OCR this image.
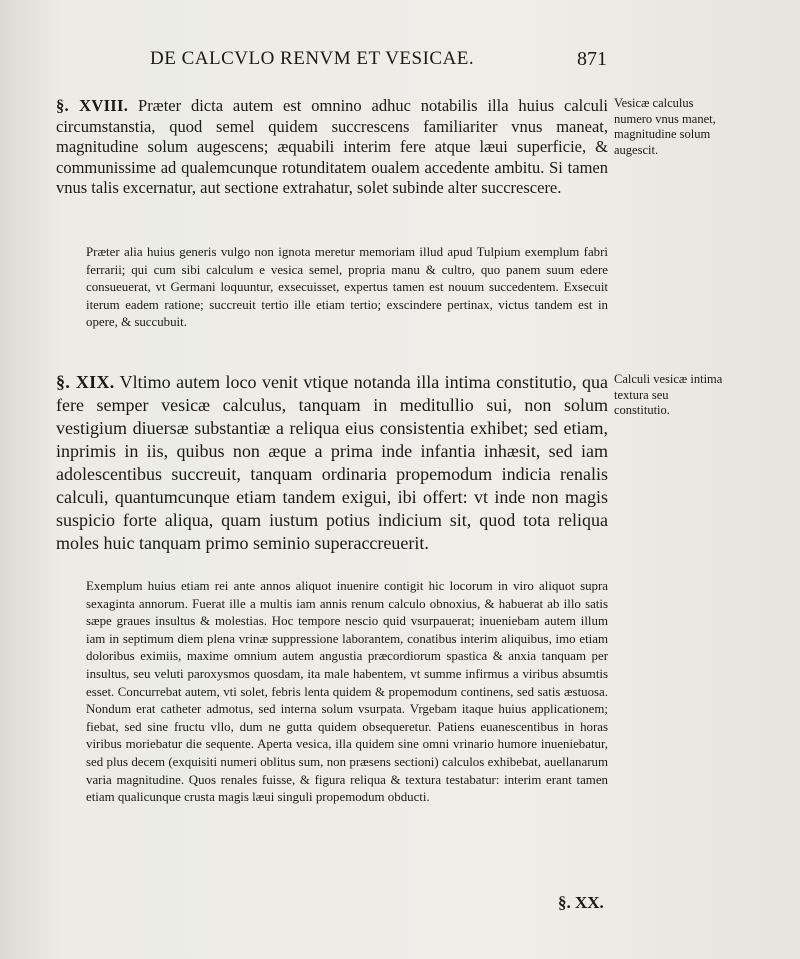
DE CALCVLO RENVM ET VESICAE.	871

§. XVIII. Præter dicta autem est omnino adhuc notabilis illa huius calculi circumstanstia, quod semel quidem succrescens familiariter vnus maneat, magnitudine solum augescens; æquabili interim fere atque læui superficie, & communissime ad qualemcunque rotunditatem oualem accedente ambitu. Si tamen vnus talis excernatur, aut sectione extrahatur, solet subinde alter succrescere.

Præter alia huius generis vulgo non ignota meretur memoriam illud apud Tulpium exemplum fabri ferrarii; qui cum sibi calculum e vesica semel, propria manu & cultro, quo panem suum edere consueuerat, vt Germani loquuntur, exsecuisset, expertus tamen est nouum succedentem. Exsecuit iterum eadem ratione; succreuit tertio ille etiam tertio; exscindere pertinax, victus tandem est in opere, & succubuit.

§. XIX. Vltimo autem loco venit vtique notanda illa intima constitutio, qua fere semper vesicæ calculus, tanquam in meditullio sui, non solum vestigium diuersæ substantiæ a reliqua eius consistentia exhibet; sed etiam, inprimis in iis, quibus non æque a prima inde infantia inhæsit, sed iam adolescentibus succreuit, tanquam ordinaria propemodum indicia renalis calculi, quantumcunque etiam tandem exigui, ibi offert: vt inde non magis suspicio forte aliqua, quam iustum potius indicium sit, quod tota reliqua moles huic tanquam primo seminio superaccreuerit.

Exemplum huius etiam rei ante annos aliquot inuenire contigit hic locorum in viro aliquot supra sexaginta annorum. Fuerat ille a multis iam annis renum calculo obnoxius, & habuerat ab illo satis sæpe graues insultus & molestias. Hoc tempore nescio quid vsurpauerat; inueniebam autem illum iam in septimum diem plena vrinæ suppressione laborantem, conatibus interim aliquibus, imo etiam doloribus eximiis, maxime omnium autem angustia præcordiorum spastica & anxia tanquam per insultus, seu veluti paroxysmos quosdam, ita male habentem, vt summe infirmus a viribus absumtis esset. Concurrebat autem, vti solet, febris lenta quidem & propemodum continens, sed satis æstuosa. Nondum erat catheter admotus, sed interna solum vsurpata. Vrgebam itaque huius applicationem; fiebat, sed sine fructu vllo, dum ne gutta quidem obsequeretur. Patiens euanescentibus in horas viribus moriebatur die sequente. Aperta vesica, illa quidem sine omni vrinario humore inueniebatur, sed plus decem (exquisiti numeri oblitus sum, non præsens sectioni) calculos exhibebat, auellanarum varia magnitudine. Quos renales fuisse, & figura reliqua & textura testabatur: interim erant tamen etiam qualicunque crusta magis læui singuli propemodum obducti.

Vesicæ calculus numero vnus manet, magnitudine solum augescit.

Calculi vesicæ intima textura seu constitutio.

§. XX.
